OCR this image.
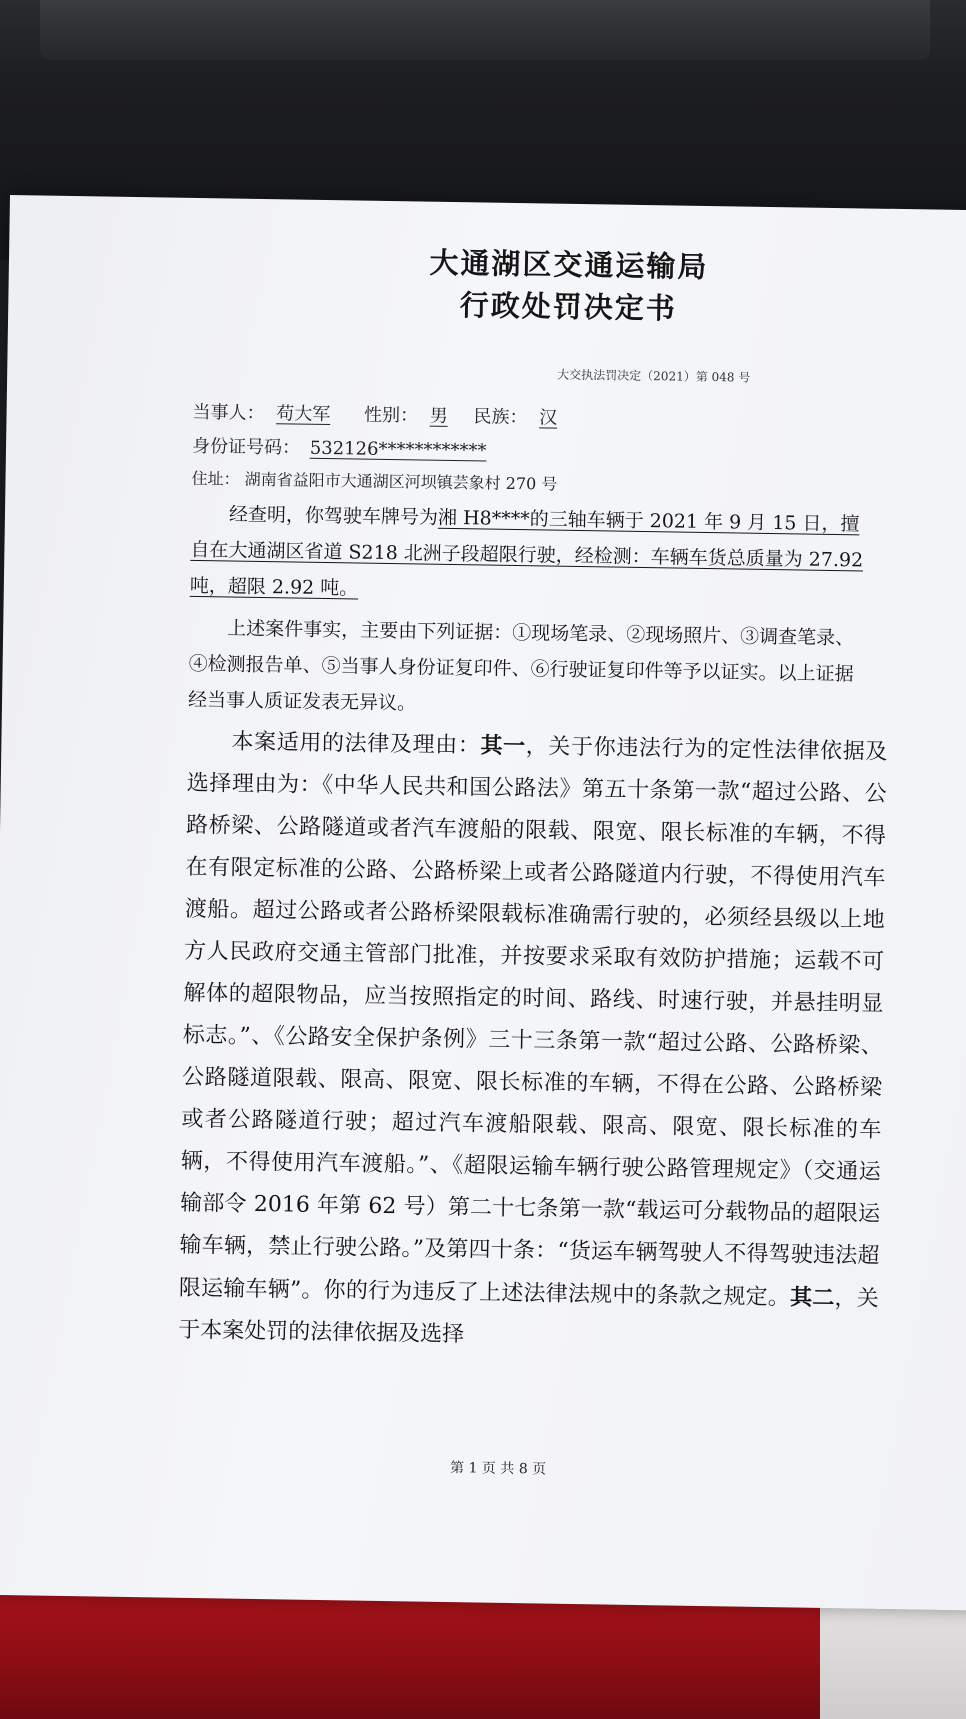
大通湖区交通运输局
行政处罚决定书
大交执法罚决定（2021）第 048 号
当事人： 苟大军 性别： 男 民族： 汉
身份证号码： 532126************
住址： 湖南省益阳市大通湖区河坝镇芸象村 270 号

经查明，你驾驶车牌号为湘 H8****的三轴车辆于 2021 年 9 月 15 日，擅自在大通湖区省道 S218 北洲子段超限行驶，经检测：车辆车货总质量为 27.92 吨，超限 2.92 吨。

上述案件事实，主要由下列证据：①现场笔录、②现场照片、③调查笔录、④检测报告单、⑤当事人身份证复印件、⑥行驶证复印件等予以证实。以上证据经当事人质证发表无异议。

本案适用的法律及理由：其一，关于你违法行为的定性法律依据及选择理由为：《中华人民共和国公路法》第五十条第一款“超过公路、公路桥梁、公路隧道或者汽车渡船的限载、限宽、限长标准的车辆，不得在有限定标准的公路、公路桥梁上或者公路隧道内行驶，不得使用汽车渡船。超过公路或者公路桥梁限载标准确需行驶的，必须经县级以上地方人民政府交通主管部门批准，并按要求采取有效防护措施；运载不可解体的超限物品，应当按照指定的时间、路线、时速行驶，并悬挂明显标志。”、《公路安全保护条例》三十三条第一款“超过公路、公路桥梁、公路隧道限载、限高、限宽、限长标准的车辆，不得在公路、公路桥梁或者公路隧道行驶；超过汽车渡船限载、限高、限宽、限长标准的车辆，不得使用汽车渡船。”、《超限运输车辆行驶公路管理规定》（交通运输部令 2016 年第 62 号）第二十七条第一款“载运可分载物品的超限运输车辆，禁止行驶公路。”及第四十条：“货运车辆驾驶人不得驾驶违法超限运输车辆”。你的行为违反了上述法律法规中的条款之规定。其二，关于本案处罚的法律依据及选择

第 1 页 共 8 页
